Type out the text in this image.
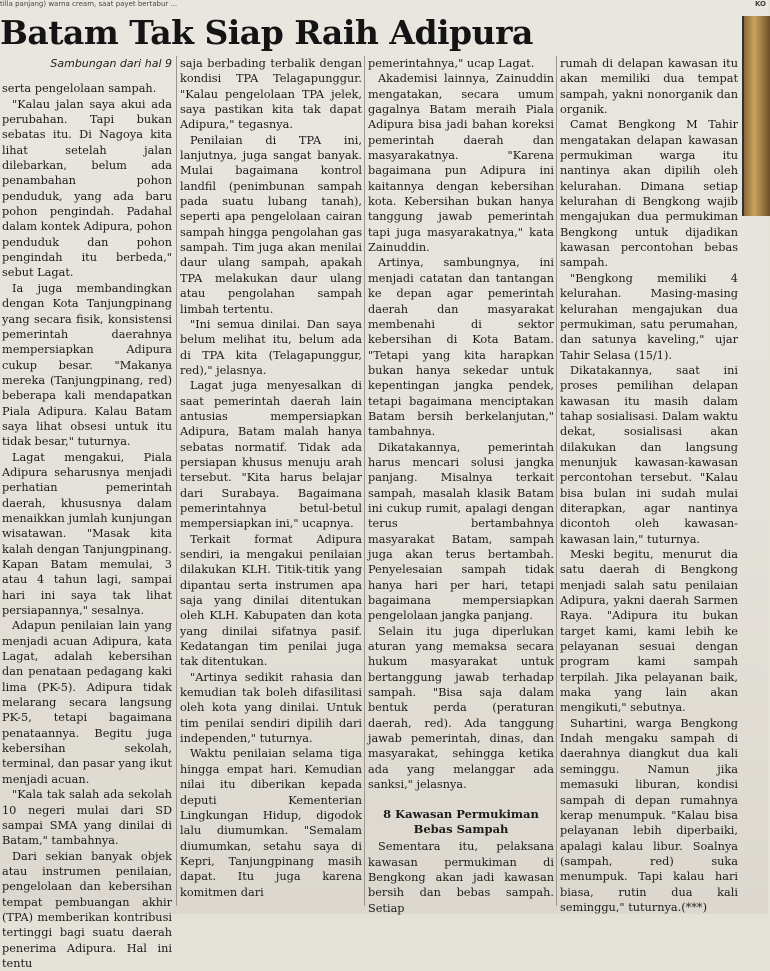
tilla panjang) warna cream, saat payet bertabur ...	KO
Batam Tak Siap Raih Adipura
Sambungan dari hal 9

serta pengelolaan sampah.

"Kalau jalan saya akui ada perubahan. Tapi bukan sebatas itu. Di Nagoya kita lihat setelah jalan dilebarkan, belum ada penambahan pohon penduduk, yang ada baru pohon pengindah. Padahal dalam kontek Adipura, pohon penduduk dan pohon pengindah itu berbeda," sebut Lagat.

Ia juga membandingkan dengan Kota Tanjungpinang yang secara fisik, konsistensi pemerintah daerahnya mempersiapkan Adipura cukup besar. "Makanya mereka (Tanjungpinang, red) beberapa kali mendapatkan Piala Adipura. Kalau Batam saya lihat obsesi untuk itu tidak besar," tuturnya.

Lagat mengakui, Piala Adipura seharusnya menjadi perhatian pemerintah daerah, khususnya dalam menaikkan jumlah kunjungan wisatawan. "Masak kita kalah dengan Tanjungpinang. Kapan Batam memulai, 3 atau 4 tahun lagi, sampai hari ini saya tak lihat persiapannya," sesalnya.

Adapun penilaian lain yang menjadi acuan Adipura, kata Lagat, adalah kebersihan dan penataan pedagang kaki lima (PK-5). Adipura tidak melarang secara langsung PK-5, tetapi bagaimana penataannya. Begitu juga kebersihan sekolah, terminal, dan pasar yang ikut menjadi acuan.

"Kala tak salah ada sekolah 10 negeri mulai dari SD sampai SMA yang dinilai di Batam," tambahnya.

Dari sekian banyak objek atau instrumen penilaian, pengelolaan dan kebersihan tempat pembuangan akhir (TPA) memberikan kontribusi tertinggi bagi suatu daerah penerima Adipura. Hal ini tentu

saja berbading terbalik dengan kondisi TPA Telagapunggur. "Kalau pengelolaan TPA jelek, saya pastikan kita tak dapat Adipura," tegasnya.

Penilaian di TPA ini, lanjutnya, juga sangat banyak. Mulai bagaimana kontrol landfil (penimbunan sampah pada suatu lubang tanah), seperti apa pengelolaan cairan sampah hingga pengolahan gas sampah. Tim juga akan menilai daur ulang sampah, apakah TPA melakukan daur ulang atau pengolahan sampah limbah tertentu.

"Ini semua dinilai. Dan saya belum melihat itu, belum ada di TPA kita (Telagapunggur, red)," jelasnya.

Lagat juga menyesalkan di saat pemerintah daerah lain antusias mempersiapkan Adipura, Batam malah hanya sebatas normatif. Tidak ada persiapan khusus menuju arah tersebut. "Kita harus belajar dari Surabaya. Bagaimana pemerintahnya betul-betul mempersiapkan ini," ucapnya.

Terkait format Adipura sendiri, ia mengakui penilaian dilakukan KLH. Titik-titik yang dipantau serta instrumen apa saja yang dinilai ditentukan oleh KLH. Kabupaten dan kota yang dinilai sifatnya pasif. Kedatangan tim penilai juga tak ditentukan.

"Artinya sedikit rahasia dan kemudian tak boleh difasilitasi oleh kota yang dinilai. Untuk tim penilai sendiri dipilih dari independen," tuturnya.

Waktu penilaian selama tiga hingga empat hari. Kemudian nilai itu diberikan kepada deputi Kementerian Lingkungan Hidup, digodok lalu diumumkan. "Semalam diumumkan, setahu saya di Kepri, Tanjungpinang masih dapat. Itu juga karena komitmen dari

pemerintahnya," ucap Lagat.

Akademisi lainnya, Zainuddin mengatakan, secara umum gagalnya Batam meraih Piala Adipura bisa jadi bahan koreksi pemerintah daerah dan masyarakatnya. "Karena bagaimana pun Adipura ini kaitannya dengan kebersihan kota. Kebersihan bukan hanya tanggung jawab pemerintah tapi juga masyarakatnya," kata Zainuddin.

Artinya, sambungnya, ini menjadi catatan dan tantangan ke depan agar pemerintah daerah dan masyarakat membenahi di sektor kebersihan di Kota Batam. "Tetapi yang kita harapkan bukan hanya sekedar untuk kepentingan jangka pendek, tetapi bagaimana menciptakan Batam bersih berkelanjutan," tambahnya.

Dikatakannya, pemerintah harus mencari solusi jangka panjang. Misalnya terkait sampah, masalah klasik Batam ini cukup rumit, apalagi dengan terus bertambahnya masyarakat Batam, sampah juga akan terus bertambah. Penyelesaian sampah tidak hanya hari per hari, tetapi bagaimana mempersiapkan pengelolaan jangka panjang.

Selain itu juga diperlukan aturan yang memaksa secara hukum masyarakat untuk bertanggung jawab terhadap sampah. "Bisa saja dalam bentuk perda (peraturan daerah, red). Ada tanggung jawab pemerintah, dinas, dan masyarakat, sehingga ketika ada yang melanggar ada sanksi," jelasnya.

8 Kawasan Permukiman
Bebas Sampah

Sementara itu, pelaksana kawasan permukiman di Bengkong akan jadi kawasan bersih dan bebas sampah. Setiap

rumah di delapan kawasan itu akan memiliki dua tempat sampah, yakni nonorganik dan organik.

Camat Bengkong M Tahir mengatakan delapan kawasan permukiman warga itu nantinya akan dipilih oleh kelurahan. Dimana setiap kelurahan di Bengkong wajib mengajukan dua permukiman Bengkong untuk dijadikan kawasan percontohan bebas sampah.

"Bengkong memiliki 4 kelurahan. Masing-masing kelurahan mengajukan dua permukiman, satu perumahan, dan satunya kaveling," ujar Tahir Selasa (15/1).

Dikatakannya, saat ini proses pemilihan delapan kawasan itu masih dalam tahap sosialisasi. Dalam waktu dekat, sosialisasi akan dilakukan dan langsung menunjuk kawasan-kawasan percontohan tersebut. "Kalau bisa bulan ini sudah mulai diterapkan, agar nantinya dicontoh oleh kawasan-kawasan lain," tuturnya.

Meski begitu, menurut dia satu daerah di Bengkong menjadi salah satu penilaian Adipura, yakni daerah Sarmen Raya. "Adipura itu bukan target kami, kami lebih ke pelayanan sesuai dengan program kami sampah terpilah. Jika pelayanan baik, maka yang lain akan mengikuti," sebutnya.

Suhartini, warga Bengkong Indah mengaku sampah di daerahnya diangkut dua kali seminggu. Namun jika memasuki liburan, kondisi sampah di depan rumahnya kerap menumpuk. "Kalau bisa pelayanan lebih diperbaiki, apalagi kalau libur. Soalnya (sampah, red) suka menumpuk. Tapi kalau hari biasa, rutin dua kali seminggu," tuturnya.(***)
